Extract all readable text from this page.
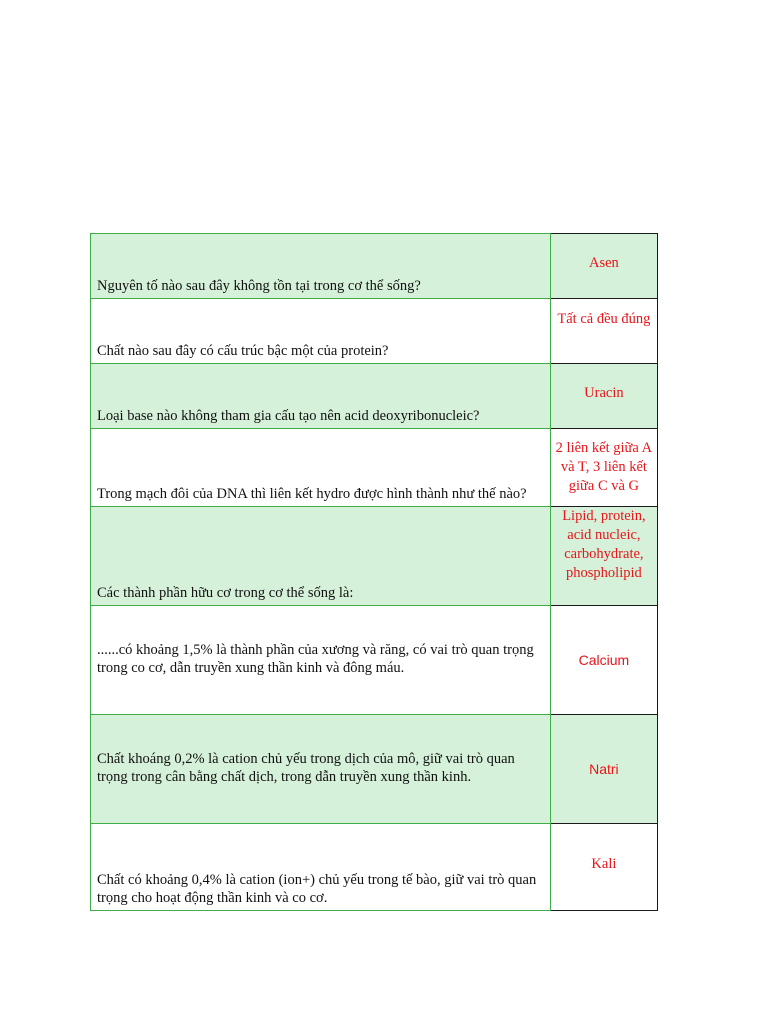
Nguyên tố nào sau đây không tồn tại trong cơ thể sống?	Asen
Chất nào sau đây có cấu trúc bậc một của protein?	Tất cả đều đúng
Loại base nào không tham gia cấu tạo nên acid deoxyribonucleic?	Uracin
Trong mạch đôi của DNA thì liên kết hydro được hình thành như thế nào?	2 liên kết giữa A và T, 3 liên kết giữa C và G
Các thành phần hữu cơ trong cơ thể sống là:	Lipid, protein, acid nucleic, carbohydrate, phospholipid
......có khoảng 1,5% là thành phần của xương và răng, có vai trò quan trọng trong co cơ, dẫn truyền xung thần kinh và đông máu.	Calcium
Chất khoáng 0,2% là cation chủ yếu trong dịch của mô, giữ vai trò quan trọng trong cân bằng chất dịch, trong dẫn truyền xung thần kinh.	Natri
Chất có khoảng 0,4% là cation (ion+) chủ yếu trong tế bào, giữ vai trò quan trọng cho hoạt động thần kinh và co cơ.	Kali
